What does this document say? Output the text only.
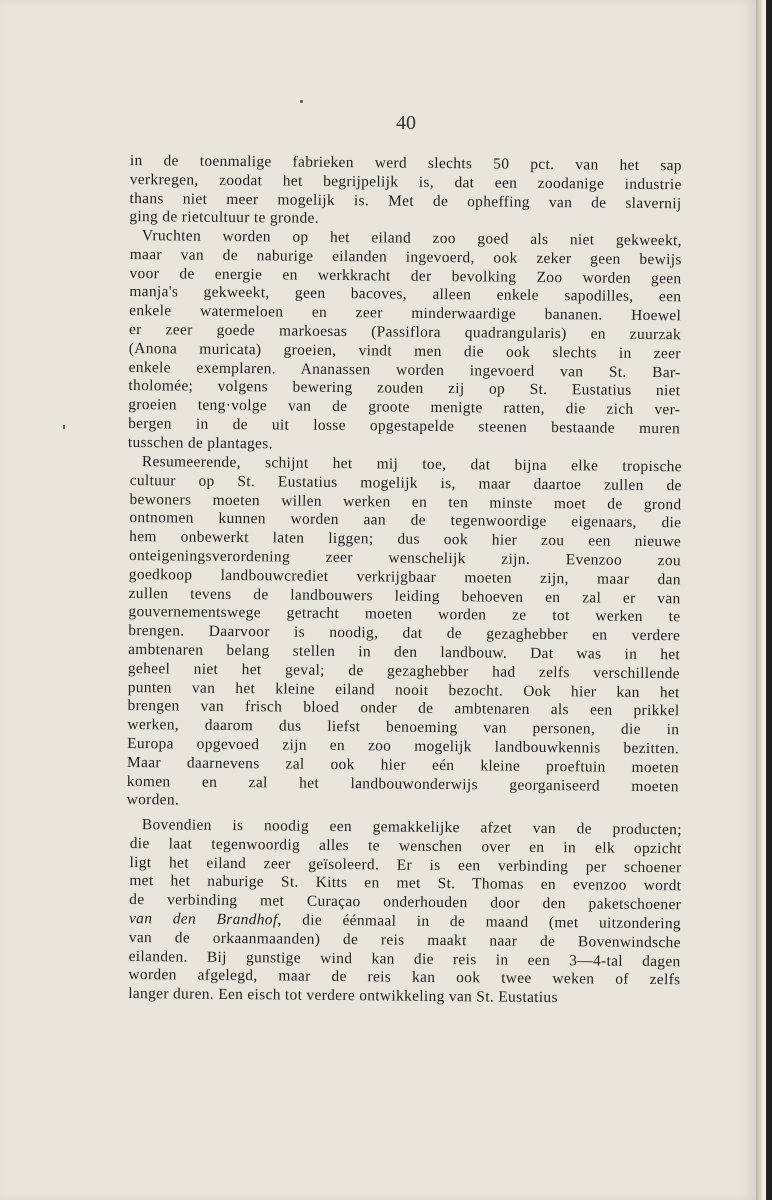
40

in de toenmalige fabrieken werd slechts 50 pct. van het sap
verkregen, zoodat het begrijpelijk is, dat een zoodanige industrie
thans niet meer mogelijk is. Met de opheffing van de slavernij
ging de rietcultuur te gronde.

Vruchten worden op het eiland zoo goed als niet gekweekt,
maar van de naburige eilanden ingevoerd, ook zeker geen bewijs
voor de energie en werkkracht der bevolking Zoo worden geen
manja's gekweekt, geen bacoves, alleen enkele sapodilles, een
enkele watermeloen en zeer minderwaardige bananen. Hoewel
er zeer goede markoesas (Passiflora quadrangularis) en zuurzak
(Anona muricata) groeien, vindt men die ook slechts in zeer
enkele exemplaren. Ananassen worden ingevoerd van St. Bar-
tholomée; volgens bewering zouden zij op St. Eustatius niet
groeien teng·volge van de groote menigte ratten, die zich ver-
bergen in de uit losse opgestapelde steenen bestaande muren
tusschen de plantages.

Resumeerende, schijnt het mij toe, dat bijna elke tropische
cultuur op St. Eustatius mogelijk is, maar daartoe zullen de
bewoners moeten willen werken en ten minste moet de grond
ontnomen kunnen worden aan de tegenwoordige eigenaars, die
hem onbewerkt laten liggen; dus ook hier zou een nieuwe
onteigeningsverordening zeer wenschelijk zijn. Evenzoo zou
goedkoop landbouwcrediet verkrijgbaar moeten zijn, maar dan
zullen tevens de landbouwers leiding behoeven en zal er van
gouvernementswege getracht moeten worden ze tot werken te
brengen. Daarvoor is noodig, dat de gezaghebber en verdere
ambtenaren belang stellen in den landbouw. Dat was in het
geheel niet het geval; de gezaghebber had zelfs verschillende
punten van het kleine eiland nooit bezocht. Ook hier kan het
brengen van frisch bloed onder de ambtenaren als een prikkel
werken, daarom dus liefst benoeming van personen, die in
Europa opgevoed zijn en zoo mogelijk landbouwkennis bezitten.
Maar daarnevens zal ook hier eén kleine proeftuin moeten
komen en zal het landbouwonderwijs georganiseerd moeten
worden.

Bovendien is noodig een gemakkelijke afzet van de producten;
die laat tegenwoordig alles te wenschen over en in elk opzicht
ligt het eiland zeer geïsoleerd. Er is een verbinding per schoener
met het naburige St. Kitts en met St. Thomas en evenzoo wordt
de verbinding met Curaçao onderhouden door den paketschoener
van den Brandhof, die éénmaal in de maand (met uitzondering
van de orkaanmaanden) de reis maakt naar de Bovenwindsche
eilanden. Bij gunstige wind kan die reis in een 3—4-tal dagen
worden afgelegd, maar de reis kan ook twee weken of zelfs
langer duren. Een eisch tot verdere ontwikkeling van St. Eustatius
